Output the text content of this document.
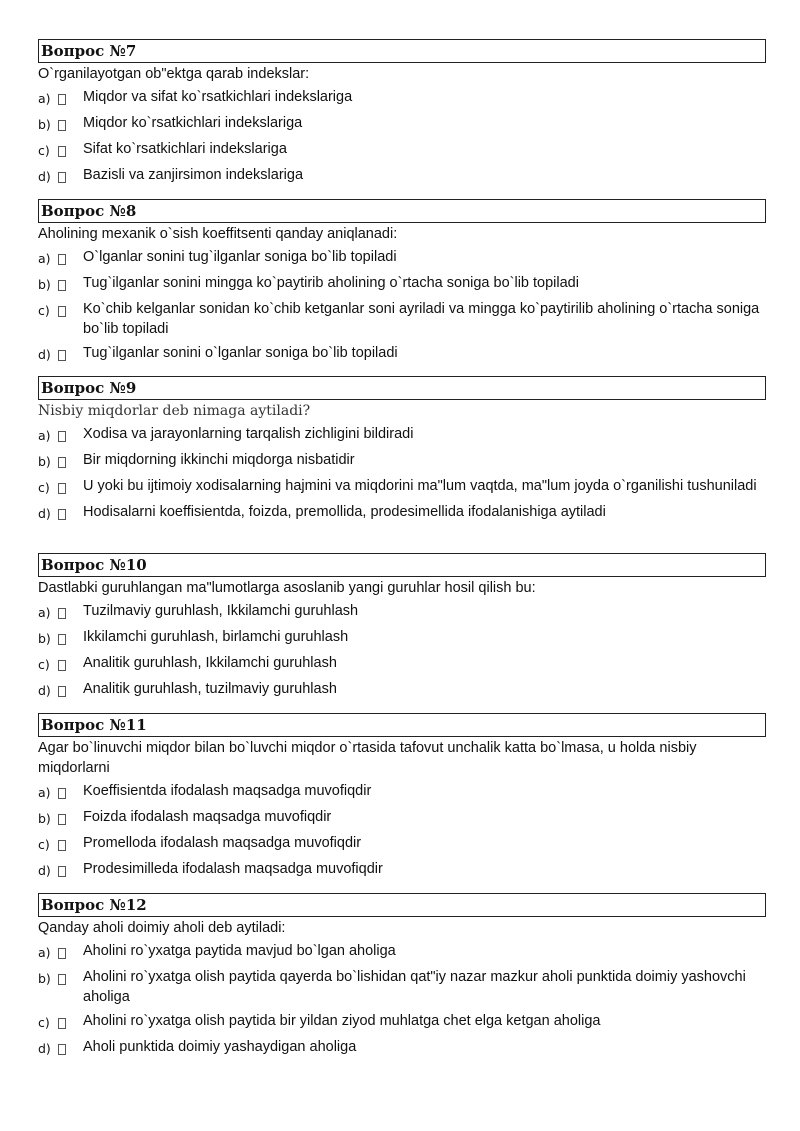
Вопрос №7
O`rganilayotgan ob"ektga qarab indekslar:
a)	Miqdor va sifat ko`rsatkichlari indekslariga
b)	Miqdor ko`rsatkichlari indekslariga
c)	Sifat ko`rsatkichlari indekslariga
d)	Bazisli va zanjirsimon indekslariga
Вопрос №8
Aholining mexanik o`sish koeffitsenti qanday aniqlanadi:
a)	O`lganlar sonini tug`ilganlar soniga bo`lib topiladi
b)	Tug`ilganlar sonini mingga ko`paytirib aholining o`rtacha soniga bo`lib topiladi
c)	Ko`chib kelganlar sonidan ko`chib ketganlar soni ayriladi va mingga ko`paytirilib aholining o`rtacha soniga bo`lib topiladi
d)	Tug`ilganlar sonini o`lganlar soniga bo`lib topiladi
Вопрос №9
Nisbiy miqdorlar deb nimaga aytiladi?
a)	Xodisa va jarayonlarning tarqalish zichligini bildiradi
b)	Bir miqdorning ikkinchi miqdorga nisbatidir
c)	U yoki bu ijtimoiy xodisalarning hajmini va miqdorini ma"lum vaqtda, ma"lum joyda o`rganilishi tushuniladi
d)	Hodisalarni koeffisientda, foizda, premollida, prodesimellida ifodalanishiga aytiladi
Вопрос №10
Dastlabki guruhlangan ma"lumotlarga asoslanib yangi guruhlar hosil qilish bu:
a)	Tuzilmaviy guruhlash, Ikkilamchi guruhlash
b)	Ikkilamchi guruhlash, birlamchi guruhlash
c)	Analitik guruhlash, Ikkilamchi guruhlash
d)	Analitik guruhlash, tuzilmaviy guruhlash
Вопрос №11
Agar bo`linuvchi miqdor bilan bo`luvchi miqdor o`rtasida tafovut unchalik katta bo`lmasa, u holda nisbiy miqdorlarni
a)	Koeffisientda ifodalash maqsadga muvofiqdir
b)	Foizda ifodalash maqsadga muvofiqdir
c)	Promelloda ifodalash maqsadga muvofiqdir
d)	Prodesimilleda ifodalash maqsadga muvofiqdir
Вопрос №12
Qanday aholi doimiy aholi deb aytiladi:
a)	Aholini ro`yxatga paytida mavjud bo`lgan aholiga
b)	Aholini ro`yxatga olish paytida qayerda bo`lishidan qat"iy nazar mazkur aholi punktida doimiy yashovchi aholiga
c)	Aholini ro`yxatga olish paytida bir yildan ziyod muhlatga chet elga ketgan aholiga
d)	Aholi punktida doimiy yashaydigan aholiga
